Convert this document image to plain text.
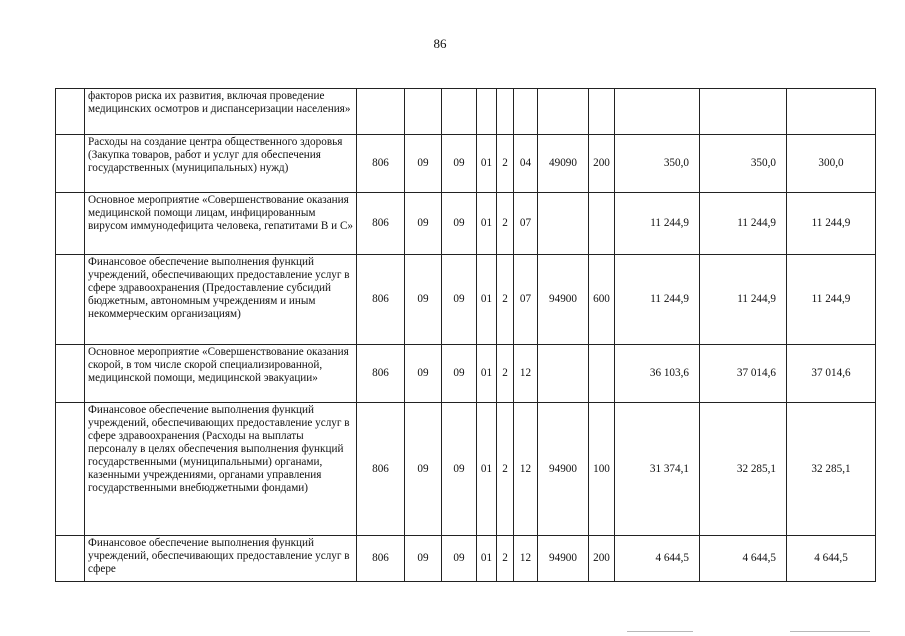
86
	факторов риска их развития, включая проведение медицинских осмотров и диспансеризации населения»											
	Расходы на создание центра общественного здоровья (Закупка товаров, работ и услуг для обеспечения государственных (муниципальных) нужд)	806	09	09	01	2	04	49090	200	350,0	350,0	300,0
	Основное мероприятие «Совершенствование оказания медицинской помощи лицам, инфицированным вирусом иммунодефицита человека, гепатитами В и С»	806	09	09	01	2	07			11 244,9	11 244,9	11 244,9
	Финансовое обеспечение выполнения функций учреждений, обеспечивающих предоставление услуг в сфере здравоохранения (Предоставление субсидий бюджетным, автономным учреждениям и иным некоммерческим организациям)	806	09	09	01	2	07	94900	600	11 244,9	11 244,9	11 244,9
	Основное мероприятие «Совершенствование оказания скорой, в том числе скорой специализированной, медицинской помощи, медицинской эвакуации»	806	09	09	01	2	12			36 103,6	37 014,6	37 014,6
	Финансовое обеспечение выполнения функций учреждений, обеспечивающих предоставление услуг в сфере здравоохранения (Расходы на выплаты персоналу в целях обеспечения выполнения функций государственными (муниципальными) органами, казенными учреждениями, органами управления государственными внебюджетными фондами)	806	09	09	01	2	12	94900	100	31 374,1	32 285,1	32 285,1
	Финансовое обеспечение выполнения функций учреждений, обеспечивающих предоставление услуг в сфере	806	09	09	01	2	12	94900	200	4 644,5	4 644,5	4 644,5
